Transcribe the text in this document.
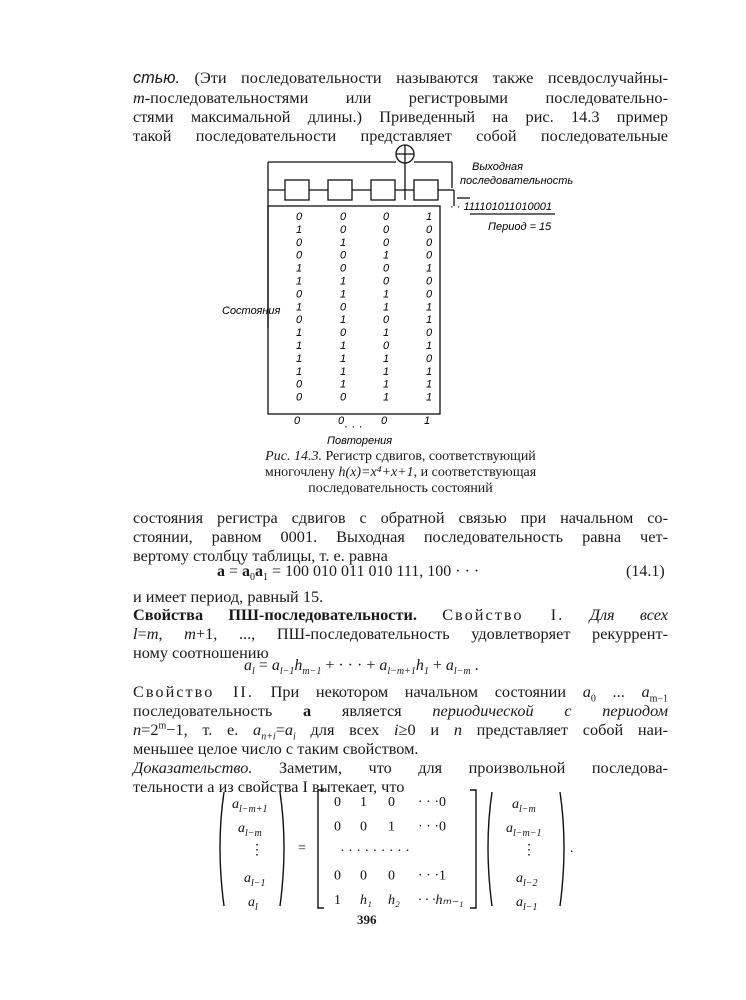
стью. (Эти последовательности называются также псевдослучайны-
m-последовательностями или регистровыми последовательно-
стями максимальной длины.) Приведенный на рис. 14.3 пример
такой последовательности представляет собой последовательные
0	0	0	1
1	0	0	0
0	1	0	0
0	0	1	0
1	0	0	1
1	1	0	0
0	1	1	0
1	0	1	1
0	1	0	1
1	0	1	0
1	1	0	1
1	1	1	0
1	1	1	1
0	1	1	1
0	0	1	1
0	0	0	1
Выходная
последовательность
· · 111101011010001
Период = 15
Состояния
· · ·
Повторения
Рис. 14.3. Регистр сдвигов, соответствующий
многочлену h(x)=x⁴+x+1, и соответствующая
последовательность состояний
состояния регистра сдвигов с обратной связью при начальном со-
стоянии, равном 0001. Выходная последовательность равна чет-
вертому столбцу таблицы, т. е. равна
$a = a_0a_1 = 100$ 010 011 010 111, 100 · · ·	(14.1)
и имеет период, равный 15.
Свойства ПШ-последовательности. Свойство I. Для всех
l=m, m+1, ..., ПШ-последовательность удовлетворяет рекуррент-
ному соотношению
$a_l = a_{l-1}h_{m-1}$ + · · · + $a_{l-m+1}h_1 + a_{l-m}$ .
Свойство II. При некотором начальном состоянии $a_0$ ... $a_{m-1}$
последовательность a является периодической с периодом
$n=2^m-1$, т. е. $a_{n+i}=a_i$ для всех i≥0 и n представляет собой наи-
меньшее целое число с таким свойством.
Доказательство. Заметим, что для произвольной последова-
тельности a из свойства I вытекает, что
$a_{l-m+1}$
$a_{l-m}$
⋮
$a_{l-1}$
$a_l$
=
$a_{l-m}$
$a_{l-m-1}$
⋮
$a_{l-2}$
$a_{l-1}$
.
0 1 0 · · ·0
0 0 1 · · ·0
· · · · · · · · ·
0 0 0 · · ·1
1 h₁ h₂ · · ·hₘ₋₁
396
